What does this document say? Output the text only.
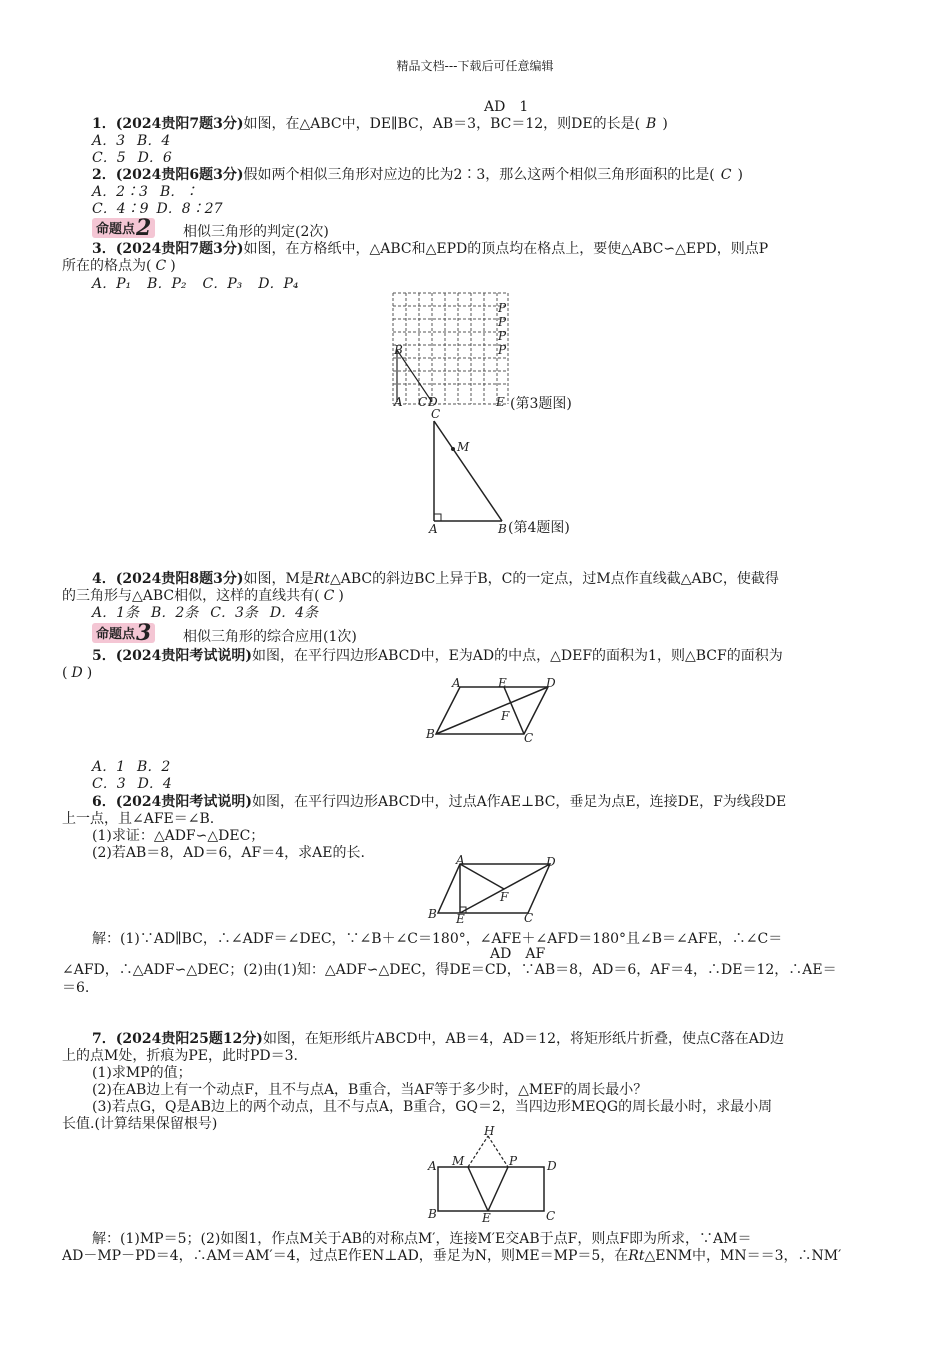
精品文档---下载后可任意编辑
AD　1
1．(2024贵阳7题3分)如图，在△ABC中，DE∥BC，AB＝3，BC＝12，则DE的长是( B )
A．3 B．4
C．5 D．6
2．(2024贵阳6题3分)假如两个相似三角形对应边的比为2∶3，那么这两个相似三角形面积的比是( C )
A．2∶3 B．∶
C．4∶9 D．8∶27
命题点2 相似三角形的判定(2次)
3．(2024贵阳7题3分)如图，在方格纸中，△ABC和△EPD的顶点均在格点上，要使△ABC∽△EPD，则点P
所在的格点为( C )
A．P₁ B．P₂ C．P₃ D．P₄
B
A C D	E
P
P
P
P
(第3题图)
C
M
A	B (第4题图)
4．(2024贵阳8题3分)如图，M是Rt△ABC的斜边BC上异于B，C的一定点，过M点作直线截△ABC，使截得
的三角形与△ABC相似，这样的直线共有( C )
A．1条 B．2条 C．3条 D．4条
命题点3 相似三角形的综合应用(1次)
5．(2024贵阳考试说明)如图，在平行四边形ABCD中，E为AD的中点，△DEF的面积为1，则△BCF的面积为
( D )
A	E	D
F
B	C
A．1 B．2
C．3 D．4
6．(2024贵阳考试说明)如图，在平行四边形ABCD中，过点A作AE⊥BC，垂足为点E，连接DE，F为线段DE
上一点，且∠AFE＝∠B.
(1)求证：△ADF∽△DEC；
(2)若AB＝8，AD＝6，AF＝4，求AE的长.	A	D
F
B E	C
解：(1)∵AD∥BC，∴∠ADF＝∠DEC，∵∠B＋∠C＝180°，∠AFE＋∠AFD＝180°且∠B＝∠AFE，∴∠C＝
AD　AF
∠AFD，∴△ADF∽△DEC；(2)由(1)知：△ADF∽△DEC，得DE＝CD，∵AB＝8，AD＝6，AF＝4，∴DE＝12，∴AE＝
＝6.
7．(2024贵阳25题12分)如图，在矩形纸片ABCD中，AB＝4，AD＝12，将矩形纸片折叠，使点C落在AD边
上的点M处，折痕为PE，此时PD＝3.
(1)求MP的值；
(2)在AB边上有一个动点F，且不与点A，B重合，当AF等于多少时，△MEF的周长最小？
(3)若点G，Q是AB边上的两个动点，且不与点A，B重合，GQ＝2，当四边形MEQG的周长最小时，求最小周
长值.(计算结果保留根号)	H
A M	P D
B	E	C
解：(1)MP＝5；(2)如图1，作点M关于AB的对称点M′，连接M′E交AB于点F，则点F即为所求，∵AM＝
AD－MP－PD＝4，∴AM＝AM′＝4，过点E作EN⊥AD，垂足为N，则ME＝MP＝5，在Rt△ENM中，MN＝＝3，∴NM′
